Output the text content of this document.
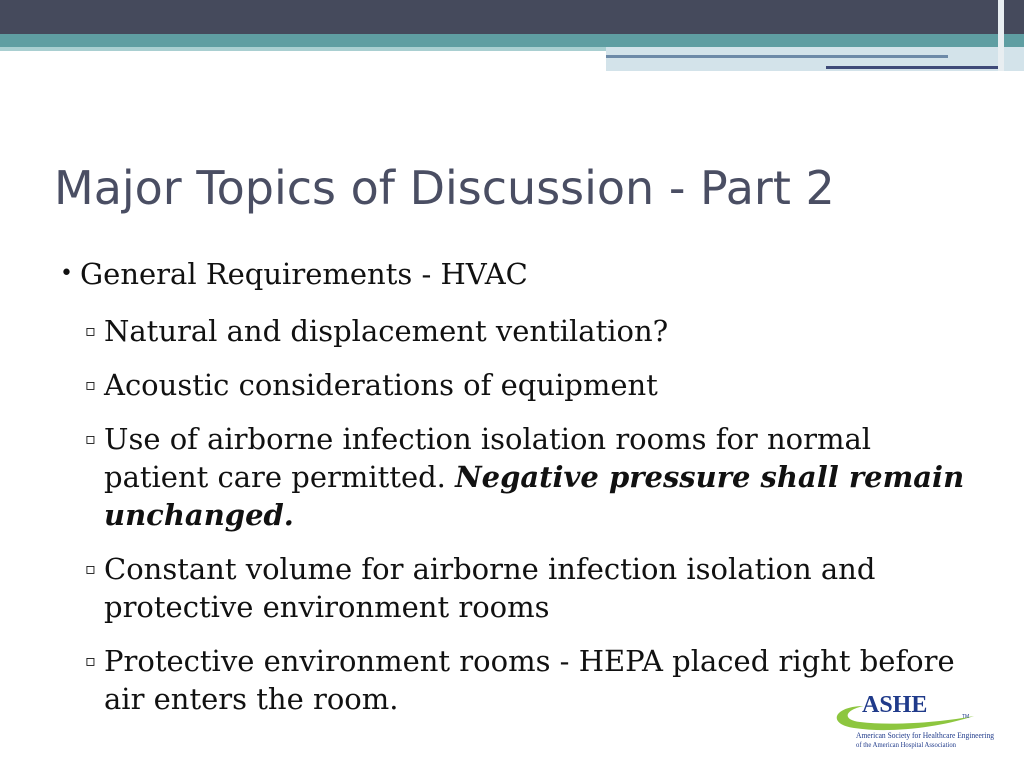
Major Topics of Discussion - Part 2
• General Requirements - HVAC
▫ Natural and displacement ventilation?
▫ Acoustic considerations of equipment
▫ Use of airborne infection isolation rooms for normal patient care permitted. Negative pressure shall remain unchanged.
▫ Constant volume for airborne infection isolation and protective environment rooms
▫ Protective environment rooms - HEPA placed right before air enters the room.	ASHE	TM
American Society for Healthcare Engineering
of the American Hospital Association
